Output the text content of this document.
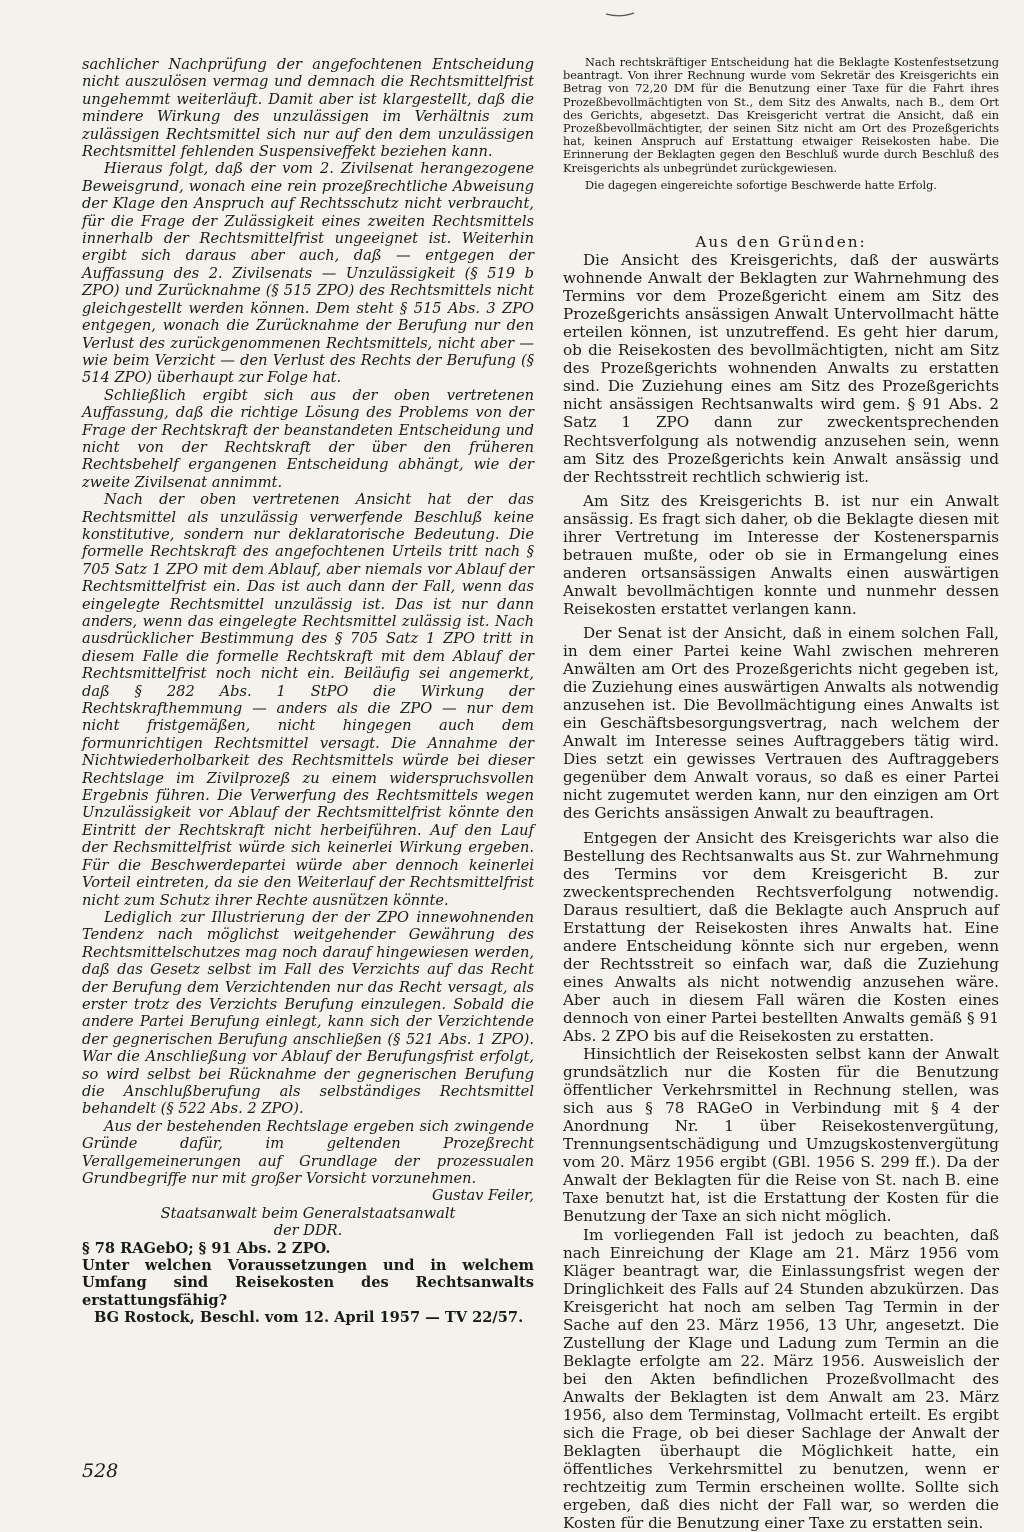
sachlicher Nachprüfung der angefochtenen Entscheidung nicht auszulösen vermag und demnach die Rechtsmittelfrist ungehemmt weiterläuft. Damit aber ist klargestellt, daß die mindere Wirkung des unzulässigen im Verhältnis zum zulässigen Rechtsmittel sich nur auf den dem unzulässigen Rechtsmittel fehlenden Suspensiveffekt beziehen kann.

Hieraus folgt, daß der vom 2. Zivilsenat herangezogene Beweisgrund, wonach eine rein prozeßrechtliche Abweisung der Klage den Anspruch auf Rechtsschutz nicht verbraucht, für die Frage der Zulässigkeit eines zweiten Rechtsmittels innerhalb der Rechtsmittelfrist ungeeignet ist. Weiterhin ergibt sich daraus aber auch, daß — entgegen der Auffassung des 2. Zivilsenats — Unzulässigkeit (§ 519 b ZPO) und Zurücknahme (§ 515 ZPO) des Rechtsmittels nicht gleichgestellt werden können. Dem steht § 515 Abs. 3 ZPO entgegen, wonach die Zurücknahme der Berufung nur den Verlust des zurückgenommenen Rechtsmittels, nicht aber — wie beim Verzicht — den Verlust des Rechts der Berufung (§ 514 ZPO) überhaupt zur Folge hat.

Schließlich ergibt sich aus der oben vertretenen Auffassung, daß die richtige Lösung des Problems von der Frage der Rechtskraft der beanstandeten Entscheidung und nicht von der Rechtskraft der über den früheren Rechtsbehelf ergangenen Entscheidung abhängt, wie der zweite Zivilsenat annimmt.

Nach der oben vertretenen Ansicht hat der das Rechtsmittel als unzulässig verwerfende Beschluß keine konstitutive, sondern nur deklaratorische Bedeutung. Die formelle Rechtskraft des angefochtenen Urteils tritt nach § 705 Satz 1 ZPO mit dem Ablauf, aber niemals vor Ablauf der Rechtsmittelfrist ein. Das ist auch dann der Fall, wenn das eingelegte Rechtsmittel unzulässig ist. Das ist nur dann anders, wenn das eingelegte Rechtsmittel zulässig ist. Nach ausdrücklicher Bestimmung des § 705 Satz 1 ZPO tritt in diesem Falle die formelle Rechtskraft mit dem Ablauf der Rechtsmittelfrist noch nicht ein. Beiläufig sei angemerkt, daß § 282 Abs. 1 StPO die Wirkung der Rechtskrafthemmung — anders als die ZPO — nur dem nicht fristgemäßen, nicht hingegen auch dem formunrichtigen Rechtsmittel versagt. Die Annahme der Nichtwiederholbarkeit des Rechtsmittels würde bei dieser Rechtslage im Zivilprozeß zu einem widerspruchsvollen Ergebnis führen. Die Verwerfung des Rechtsmittels wegen Unzulässigkeit vor Ablauf der Rechtsmittelfrist könnte den Eintritt der Rechtskraft nicht herbeiführen. Auf den Lauf der Rechsmittelfrist würde sich keinerlei Wirkung ergeben. Für die Beschwerdepartei würde aber dennoch keinerlei Vorteil eintreten, da sie den Weiterlauf der Rechtsmittelfrist nicht zum Schutz ihrer Rechte ausnützen könnte.

Lediglich zur Illustrierung der der ZPO innewohnenden Tendenz nach möglichst weitgehender Gewährung des Rechtsmittelschutzes mag noch darauf hingewiesen werden, daß das Gesetz selbst im Fall des Verzichts auf das Recht der Berufung dem Verzichtenden nur das Recht versagt, als erster trotz des Verzichts Berufung einzulegen. Sobald die andere Partei Berufung einlegt, kann sich der Verzichtende der gegnerischen Berufung anschließen (§ 521 Abs. 1 ZPO). War die Anschließung vor Ablauf der Berufungsfrist erfolgt, so wird selbst bei Rücknahme der gegnerischen Berufung die Anschlußberufung als selbständiges Rechtsmittel behandelt (§ 522 Abs. 2 ZPO).

Aus der bestehenden Rechtslage ergeben sich zwingende Gründe dafür, im geltenden Prozeßrecht Verallgemeinerungen auf Grundlage der prozessualen Grundbegriffe nur mit großer Vorsicht vorzunehmen.

Gustav Feiler,

Staatsanwalt beim Generalstaatsanwalt

der DDR.

§ 78 RAGebO; § 91 Abs. 2 ZPO.

Unter welchen Voraussetzungen und in welchem Umfang sind Reisekosten des Rechtsanwalts erstattungsfähig?

BG Rostock, Beschl. vom 12. April 1957 — TV 22/57.

Nach rechtskräftiger Entscheidung hat die Beklagte Kostenfestsetzung beantragt. Von ihrer Rechnung wurde vom Sekretär des Kreisgerichts ein Betrag von 72,20 DM für die Benutzung einer Taxe für die Fahrt ihres Prozeßbevollmächtigten von St., dem Sitz des Anwalts, nach B., dem Ort des Gerichts, abgesetzt. Das Kreisgericht vertrat die Ansicht, daß ein Prozeßbevollmächtigter, der seinen Sitz nicht am Ort des Prozeßgerichts hat, keinen Anspruch auf Erstattung etwaiger Reisekosten habe. Die Erinnerung der Beklagten gegen den Beschluß wurde durch Beschluß des Kreisgerichts als unbegründet zurückgewiesen.

Die dagegen eingereichte sofortige Beschwerde hatte Erfolg.

Aus den Gründen:

Die Ansicht des Kreisgerichts, daß der auswärts wohnende Anwalt der Beklagten zur Wahrnehmung des Termins vor dem Prozeßgericht einem am Sitz des Prozeßgerichts ansässigen Anwalt Untervollmacht hätte erteilen können, ist unzutreffend. Es geht hier darum, ob die Reisekosten des bevollmächtigten, nicht am Sitz des Prozeßgerichts wohnenden Anwalts zu erstatten sind. Die Zuziehung eines am Sitz des Prozeßgerichts nicht ansässigen Rechtsanwalts wird gem. § 91 Abs. 2 Satz 1 ZPO dann zur zweckentsprechenden Rechtsverfolgung als notwendig anzusehen sein, wenn am Sitz des Prozeßgerichts kein Anwalt ansässig und der Rechtsstreit rechtlich schwierig ist.

Am Sitz des Kreisgerichts B. ist nur ein Anwalt ansässig. Es fragt sich daher, ob die Beklagte diesen mit ihrer Vertretung im Interesse der Kostenersparnis betrauen mußte, oder ob sie in Ermangelung eines anderen ortsansässigen Anwalts einen auswärtigen Anwalt bevollmächtigen konnte und nunmehr dessen Reisekosten erstattet verlangen kann.

Der Senat ist der Ansicht, daß in einem solchen Fall, in dem einer Partei keine Wahl zwischen mehreren Anwälten am Ort des Prozeßgerichts nicht gegeben ist, die Zuziehung eines auswärtigen Anwalts als notwendig anzusehen ist. Die Bevollmächtigung eines Anwalts ist ein Geschäftsbesorgungsvertrag, nach welchem der Anwalt im Interesse seines Auftraggebers tätig wird. Dies setzt ein gewisses Vertrauen des Auftraggebers gegenüber dem Anwalt voraus, so daß es einer Partei nicht zugemutet werden kann, nur den einzigen am Ort des Gerichts ansässigen Anwalt zu beauftragen.

Entgegen der Ansicht des Kreisgerichts war also die Bestellung des Rechtsanwalts aus St. zur Wahrnehmung des Termins vor dem Kreisgericht B. zur zweckentsprechenden Rechtsverfolgung notwendig. Daraus resultiert, daß die Beklagte auch Anspruch auf Erstattung der Reisekosten ihres Anwalts hat. Eine andere Entscheidung könnte sich nur ergeben, wenn der Rechtsstreit so einfach war, daß die Zuziehung eines Anwalts als nicht notwendig anzusehen wäre. Aber auch in diesem Fall wären die Kosten eines dennoch von einer Partei bestellten Anwalts gemäß § 91 Abs. 2 ZPO bis auf die Reisekosten zu erstatten.

Hinsichtlich der Reisekosten selbst kann der Anwalt grundsätzlich nur die Kosten für die Benutzung öffentlicher Verkehrsmittel in Rechnung stellen, was sich aus § 78 RAGeO in Verbindung mit § 4 der Anordnung Nr. 1 über Reisekostenvergütung, Trennungsentschädigung und Umzugskostenvergütung vom 20. März 1956 ergibt (GBl. 1956 S. 299 ff.). Da der Anwalt der Beklagten für die Reise von St. nach B. eine Taxe benutzt hat, ist die Erstattung der Kosten für die Benutzung der Taxe an sich nicht möglich.

Im vorliegenden Fall ist jedoch zu beachten, daß nach Einreichung der Klage am 21. März 1956 vom Kläger beantragt war, die Einlassungsfrist wegen der Dringlichkeit des Falls auf 24 Stunden abzukürzen. Das Kreisgericht hat noch am selben Tag Termin in der Sache auf den 23. März 1956, 13 Uhr, angesetzt. Die Zustellung der Klage und Ladung zum Termin an die Beklagte erfolgte am 22. März 1956. Ausweislich der bei den Akten befindlichen Prozeßvollmacht des Anwalts der Beklagten ist dem Anwalt am 23. März 1956, also dem Terminstag, Vollmacht erteilt. Es ergibt sich die Frage, ob bei dieser Sachlage der Anwalt der Beklagten überhaupt die Möglichkeit hatte, ein öffentliches Verkehrsmittel zu benutzen, wenn er rechtzeitig zum Termin erscheinen wollte. Sollte sich ergeben, daß dies nicht der Fall war, so werden die Kosten für die Benutzung einer Taxe zu erstatten sein.

528
